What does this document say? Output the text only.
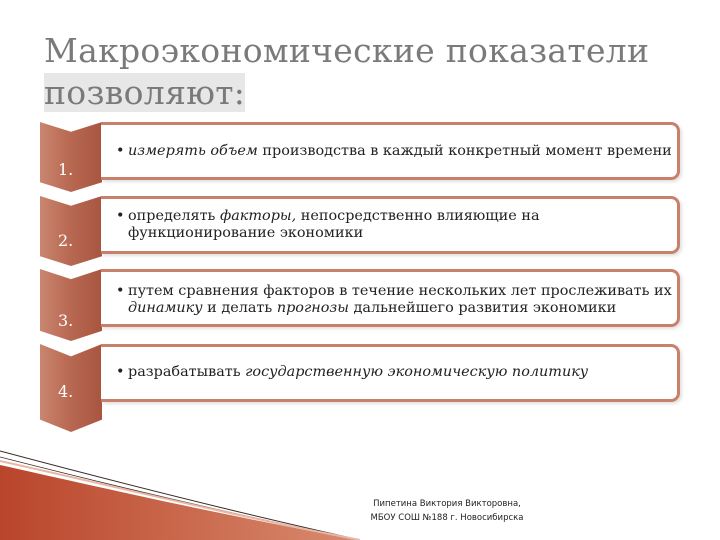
Макроэкономические показатели
позволяют:
1.
• измерять объем производства в каждый конкретный момент времени
2.
• определять факторы, непосредственно влияющие на функционирование экономики
3.
• путем сравнения факторов в течение нескольких лет прослеживать их динамику и делать прогнозы дальнейшего развития экономики
4.
• разрабатывать государственную экономическую политику
Пипетина Виктория Викторовна,
МБОУ СОШ №188 г. Новосибирска
